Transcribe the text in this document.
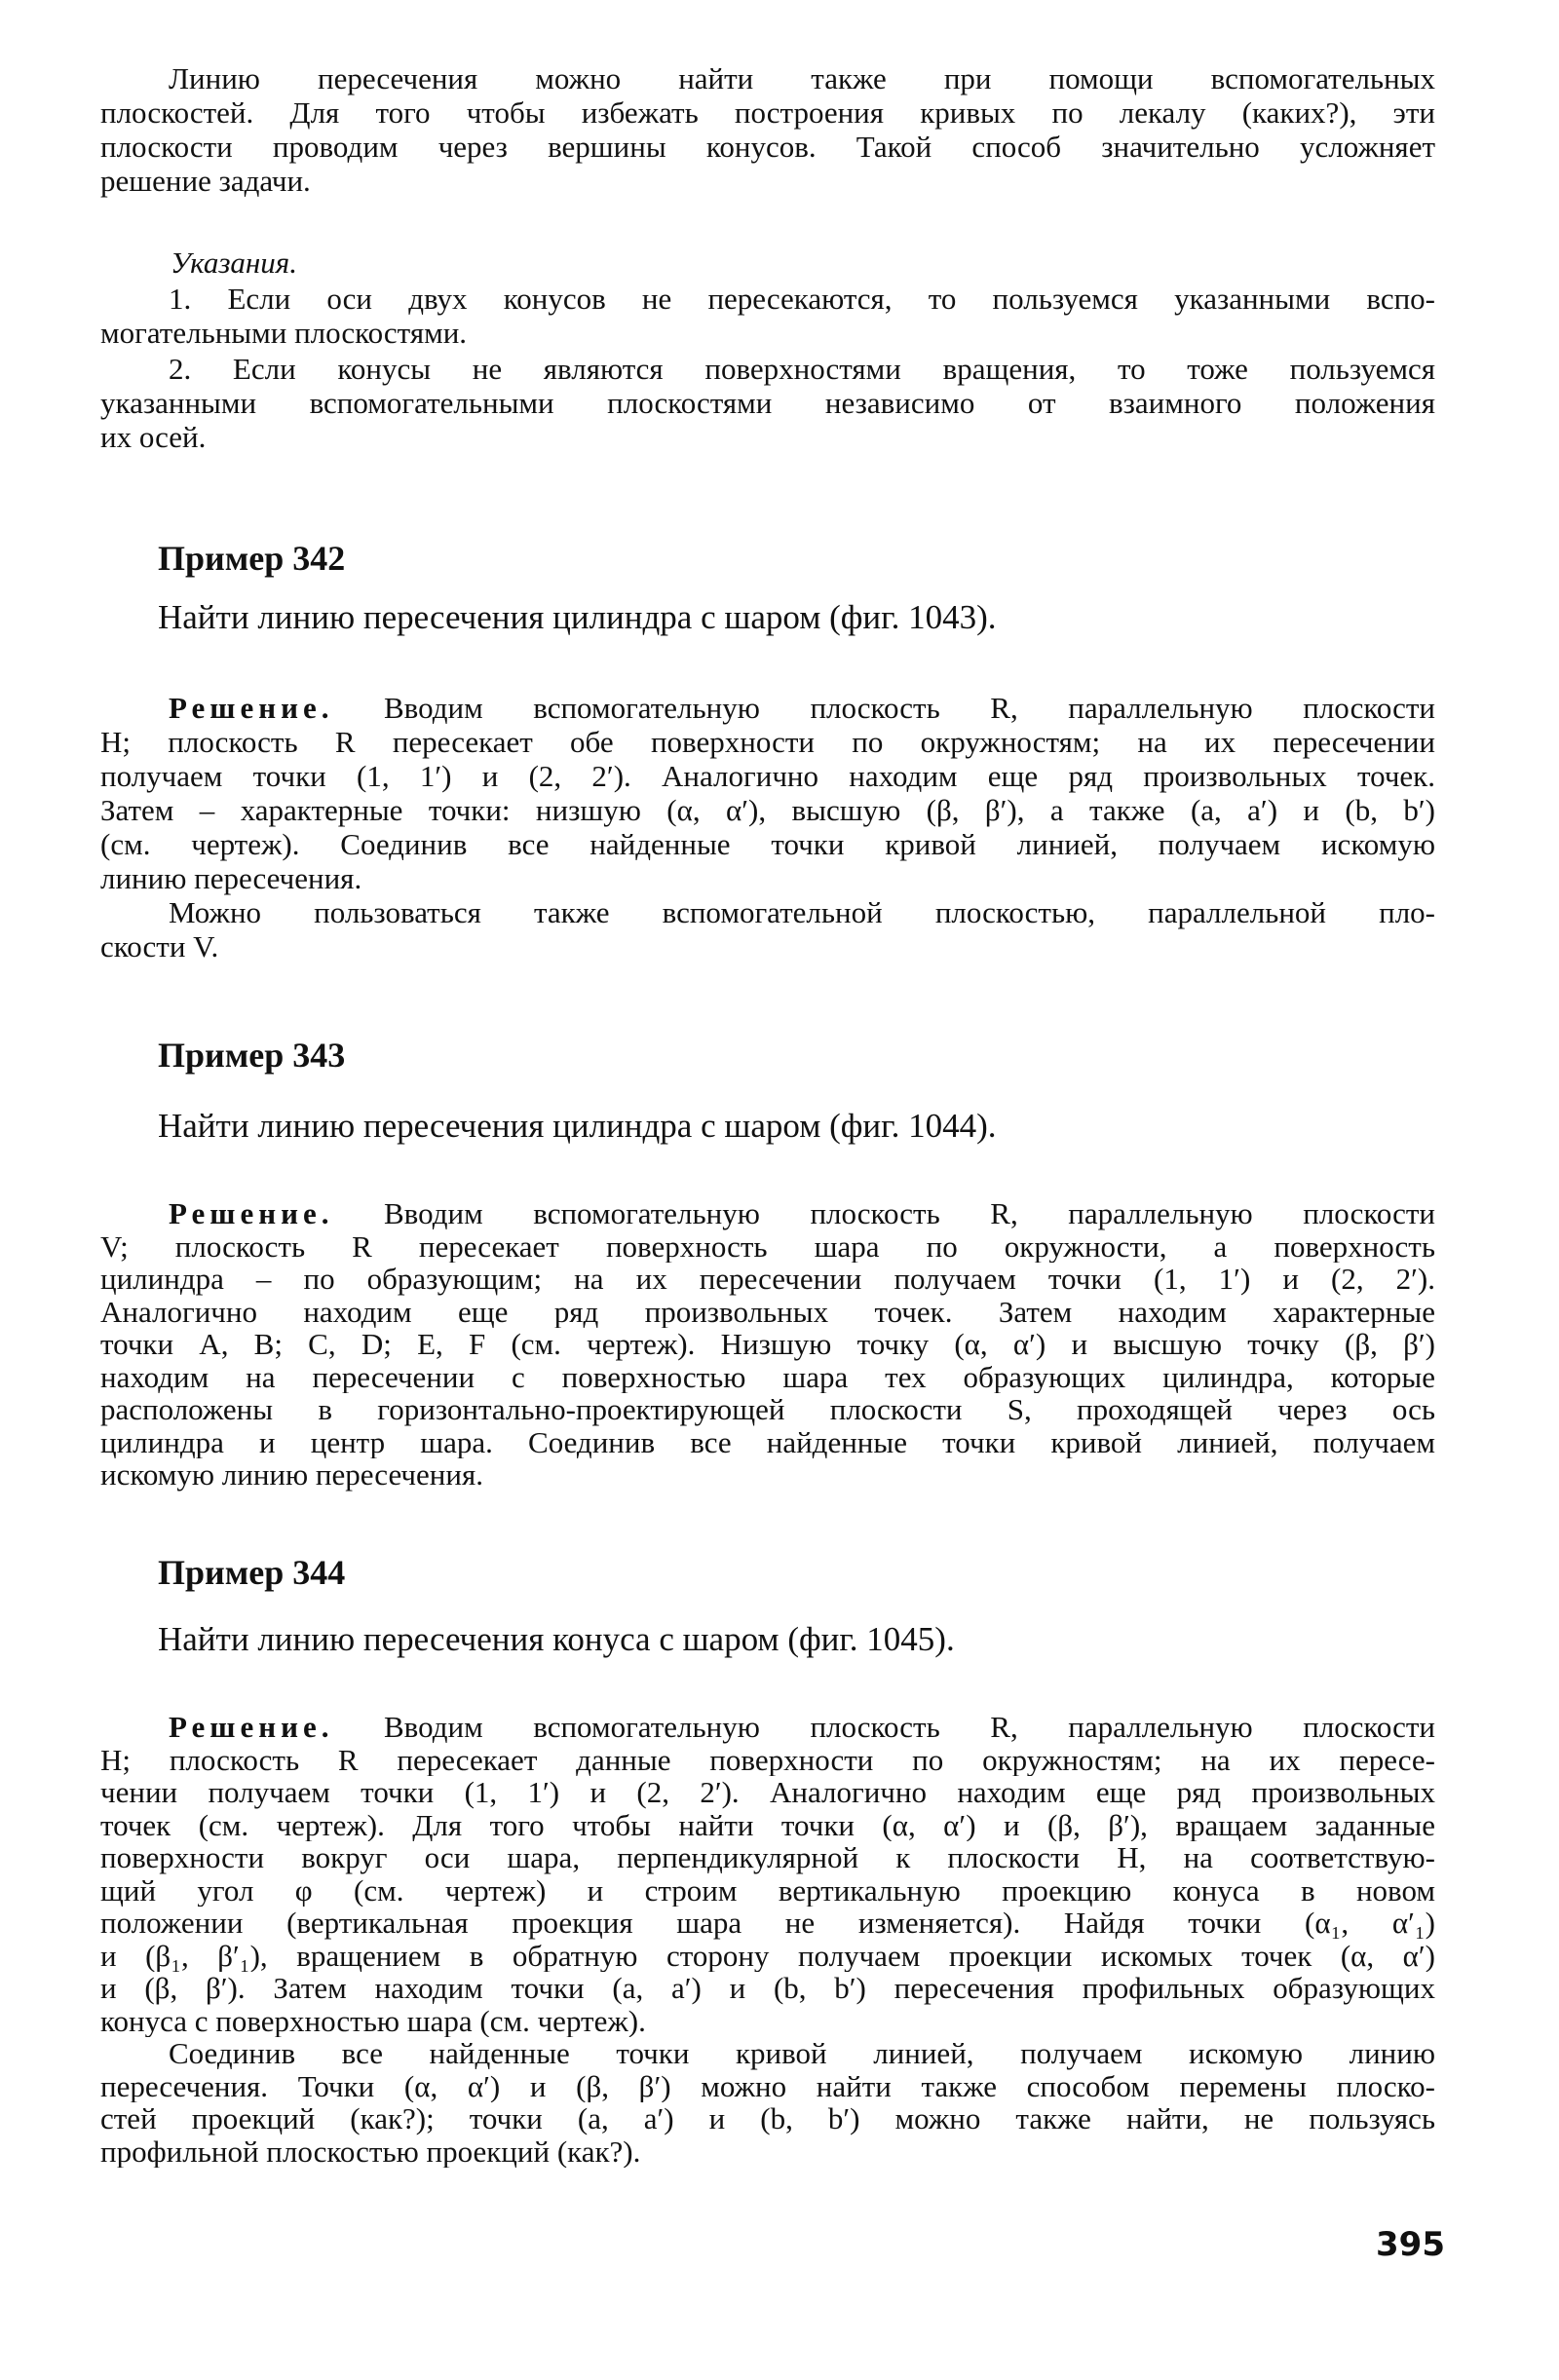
Линию пересечения можно найти также при помощи вспомогательных
плоскостей. Для того чтобы избежать построения кривых по лекалу (каких?), эти
плоскости проводим через вершины конусов. Такой способ значительно усложняет
решение задачи.
Указания.
1. Если оси двух конусов не пересекаются, то пользуемся указанными вспо-
могательными плоскостями.
2. Если конусы не являются поверхностями вращения, то тоже пользуемся
указанными вспомогательными плоскостями независимо от взаимного положения
их осей.
Пример 342
Найти линию пересечения цилиндра с шаром (фиг. 1043).
Решение. Вводим вспомогательную плоскость R, параллельную плоскости
H; плоскость R пересекает обе поверхности по окружностям; на их пересечении
получаем точки (1, 1′) и (2, 2′). Аналогично находим еще ряд произвольных точек.
Затем – характерные точки: низшую (α, α′), высшую (β, β′), а также (a, a′) и (b, b′)
(см. чертеж). Соединив все найденные точки кривой линией, получаем искомую
линию пересечения.
Можно пользоваться также вспомогательной плоскостью, параллельной пло-
скости V.
Пример 343
Найти линию пересечения цилиндра с шаром (фиг. 1044).
Решение. Вводим вспомогательную плоскость R, параллельную плоскости
V; плоскость R пересекает поверхность шара по окружности, а поверхность
цилиндра – по образующим; на их пересечении получаем точки (1, 1′) и (2, 2′).
Аналогично находим еще ряд произвольных точек. Затем находим характерные
точки A, B; C, D; E, F (см. чертеж). Низшую точку (α, α′) и высшую точку (β, β′)
находим на пересечении с поверхностью шара тех образующих цилиндра, которые
расположены в горизонтально-проектирующей плоскости S, проходящей через ось
цилиндра и центр шара. Соединив все найденные точки кривой линией, получаем
искомую линию пересечения.
Пример 344
Найти линию пересечения конуса с шаром (фиг. 1045).
Решение. Вводим вспомогательную плоскость R, параллельную плоскости
H; плоскость R пересекает данные поверхности по окружностям; на их пересе-
чении получаем точки (1, 1′) и (2, 2′). Аналогично находим еще ряд произвольных
точек (см. чертеж). Для того чтобы найти точки (α, α′) и (β, β′), вращаем заданные
поверхности вокруг оси шара, перпендикулярной к плоскости H, на соответствую-
щий угол φ (см. чертеж) и строим вертикальную проекцию конуса в новом
положении (вертикальная проекция шара не изменяется). Найдя точки (α₁, α′₁)
и (β₁, β′₁), вращением в обратную сторону получаем проекции искомых точек (α, α′)
и (β, β′). Затем находим точки (a, a′) и (b, b′) пересечения профильных образующих
конуса с поверхностью шара (см. чертеж).
Соединив все найденные точки кривой линией, получаем искомую линию
пересечения. Точки (α, α′) и (β, β′) можно найти также способом перемены плоско-
стей проекций (как?); точки (a, a′) и (b, b′) можно также найти, не пользуясь
профильной плоскостью проекций (как?).
395
